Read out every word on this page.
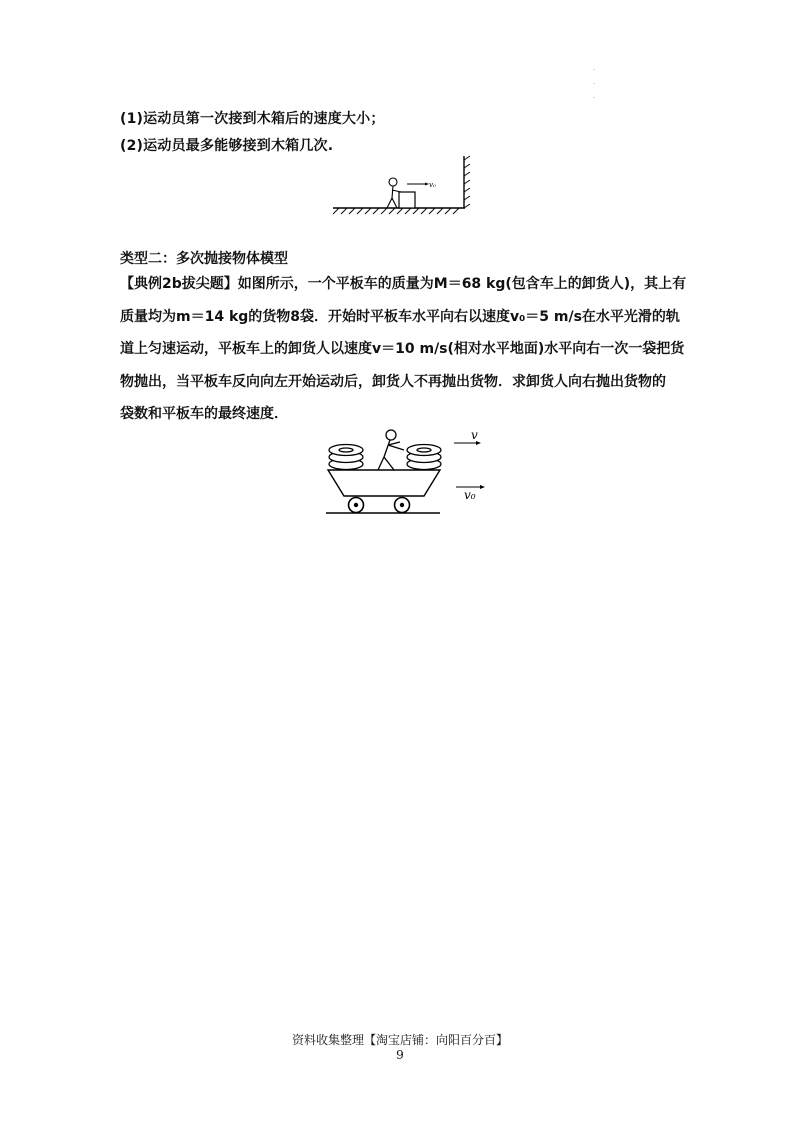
·
·
·
(1)运动员第一次接到木箱后的速度大小；
(2)运动员最多能够接到木箱几次.
v₀
类型二：多次抛接物体模型
【典例2b拔尖题】如图所示，一个平板车的质量为M＝68 kg(包含车上的卸货人)，其上有
质量均为m＝14 kg的货物8袋．开始时平板车水平向右以速度v₀＝5 m/s在水平光滑的轨
道上匀速运动，平板车上的卸货人以速度v＝10 m/s(相对水平地面)水平向右一次一袋把货
物抛出，当平板车反向向左开始运动后，卸货人不再抛出货物．求卸货人向右抛出货物的
袋数和平板车的最终速度．
v
v₀
资料收集整理【淘宝店铺：向阳百分百】
9
